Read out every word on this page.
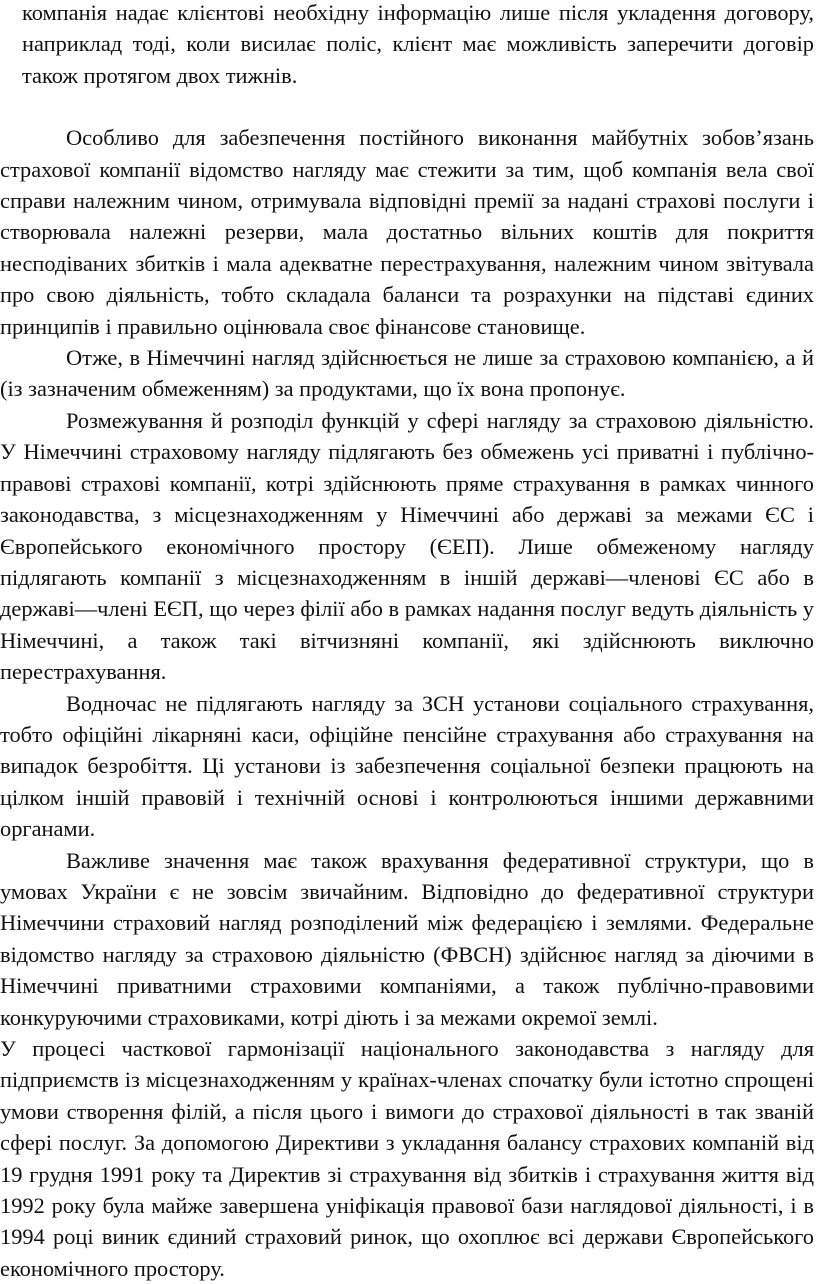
компанія надає клієнтові необхідну інформацію лише після укладення договору, наприклад тоді, коли висилає поліс, клієнт має можливість заперечити договір також протягом двох тижнів.

Особливо для забезпечення постійного виконання майбутніх зобов’язань страхової компанії відомство нагляду має стежити за тим, щоб компанія вела свої справи належним чином, отримувала відповідні премії за надані страхові послуги і створювала належні резерви, мала достатньо вільних коштів для покриття несподіваних збитків і мала адекватне перестрахування, належним чином звітувала про свою діяльність, тобто складала баланси та розрахунки на підставі єдиних принципів і правильно оцінювала своє фінансове становище.

Отже, в Німеччині нагляд здійснюється не лише за страховою компанією, а й (із зазначеним обмеженням) за продуктами, що їх вона пропонує.

Розмежування й розподіл функцій у сфері нагляду за страховою діяльністю. У Німеччині страховому нагляду підлягають без обмежень усі приватні і публічно-правові страхові компанії, котрі здійснюють пряме страхування в рамках чинного законодавства, з місцезнаходженням у Німеччині або державі за межами ЄС і Європейського економічного простору (ЄЕП). Лише обмеженому нагляду підлягають компанії з місцезнаходженням в іншій державі—членові ЄС або в державі—члені ЕЄП, що через філії або в рамках надання послуг ведуть діяльність у Німеччині, а також такі вітчизняні компанії, які здійснюють виключно перестрахування.

Водночас не підлягають нагляду за ЗСН установи соціального страхування, тобто офіційні лікарняні каси, офіційне пенсійне страхування або страхування на випадок безробіття. Ці установи із забезпечення соціальної безпеки працюють на цілком іншій правовій і технічній основі і контролюються іншими державними органами.

Важливе значення має також врахування федеративної структури, що в умовах України є не зовсім звичайним. Відповідно до федеративної структури Німеччини страховий нагляд розподілений між федерацією і землями. Федеральне відомство нагляду за страховою діяльністю (ФВСН) здійснює нагляд за діючими в Німеччині приватними страховими компаніями, а також публічно-правовими конкуруючими страховиками, котрі діють і за межами окремої землі.

У процесі часткової гармонізації національного законодавства з нагляду для підприємств із місцезнаходженням у країнах-членах спочатку були істотно спрощені умови створення філій, а після цього і вимоги до страхової діяльності в так званій сфері послуг. За допомогою Директиви з укладання балансу страхових компаній від 19 грудня 1991 року та Директив зі страхування від збитків і страхування життя від 1992 року була майже завершена уніфікація правової бази наглядової діяльності, і в 1994 році виник єдиний страховий ринок, що охоплює всі держави Європейського економічного простору.
